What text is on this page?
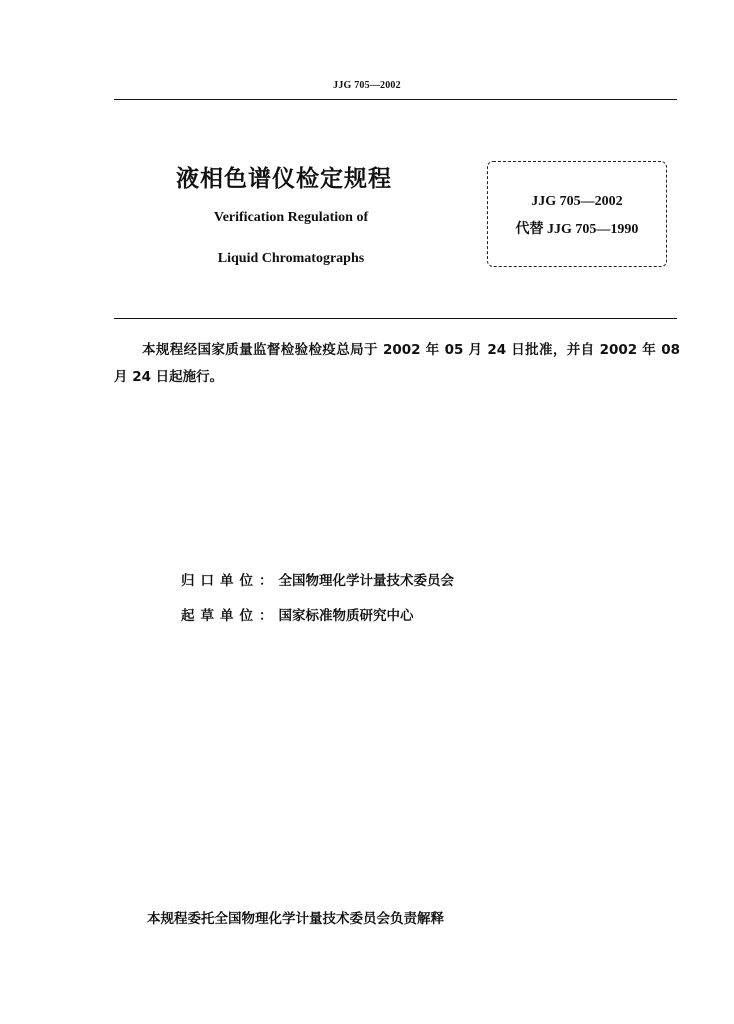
JJG 705—2002
液相色谱仪检定规程
Verification Regulation of
Liquid Chromatographs
JJG 705—2002
代替 JJG 705—1990
本规程经国家质量监督检验检疫总局于 2002 年 05 月 24 日批准，并自 2002 年 08 月 24 日起施行。
归口单位：全国物理化学计量技术委员会
起草单位：国家标准物质研究中心
本规程委托全国物理化学计量技术委员会负责解释
